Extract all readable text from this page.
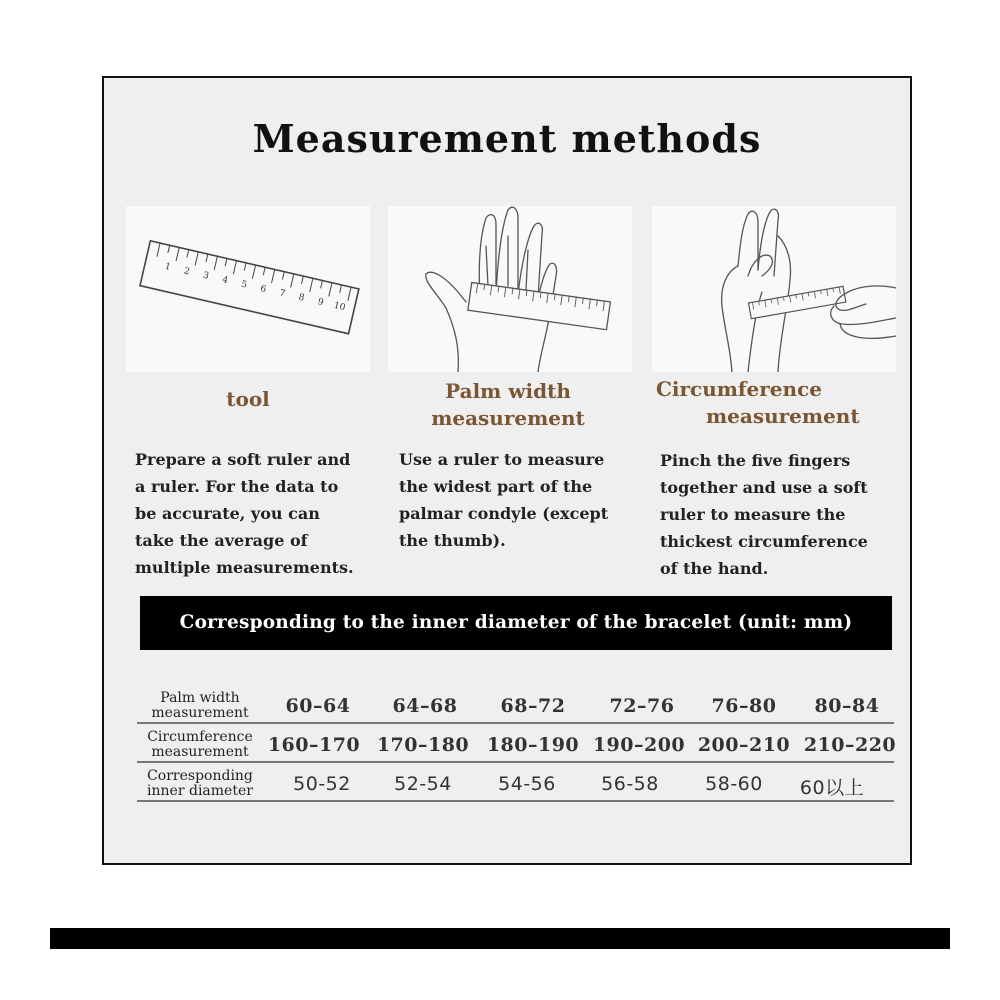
Measurement methods
1 2 3 4 5 6 7 8 9 10
tool	Palm width measurement
Circumference
measurement
Prepare a soft ruler and
a ruler. For the data to
be accurate, you can
take the average of
multiple measurements.
Use a ruler to measure
the widest part of the
palmar condyle (except
the thumb).
Pinch the five fingers
together and use a soft
ruler to measure the
thickest circumference
of the hand.
Corresponding to the inner diameter of the bracelet (unit: mm)
Palm width measurement	60–64	64–68	68–72	72–76	76–80	80–84
Circumference measurement	160–170 170–180 180–190 190–200 200–210 210–220
Corresponding inner diameter	50-52	52-54	54-56	56-58	58-60	60以上
